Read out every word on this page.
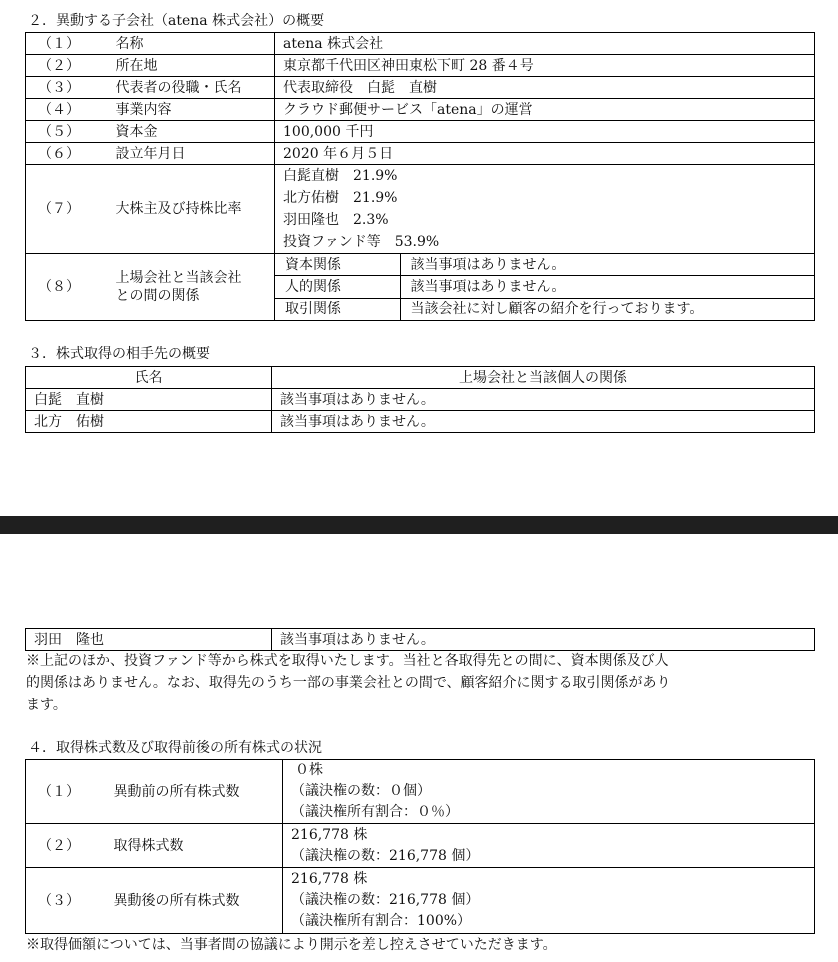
２．異動する子会社（atena 株式会社）の概要
（１）	名称	atena 株式会社
（２）	所在地	東京都千代田区神田東松下町 28 番４号
（３）	代表者の役職・氏名	代表取締役　白髭　直樹
（４）	事業内容	クラウド郵便サービス「atena」の運営
（５）	資本金	100,000 千円
（６）	設立年月日	2020 年６月５日
（７）	大株主及び持株比率	
白髭直樹　21.9%
北方佑樹　21.9%
羽田隆也　2.3%
投資ファンド等　53.9%

（８）	
上場会社と当該会社
との間の関係

資本関係	該当事項はありません。
人的関係	該当事項はありません。
取引関係	当該会社に対し顧客の紹介を行っております。
３．株式取得の相手先の概要
氏名	上場会社と当該個人の関係
白髭　直樹	該当事項はありません。
北方　佑樹	該当事項はありません。
羽田　隆也	該当事項はありません。

※上記のほか、投資ファンド等から株式を取得いたします。当社と各取得先との間に、資本関係及び人

的関係はありません。なお、取得先のうち一部の事業会社との間で、顧客紹介に関する取引関係があり

ます。

４．取得株式数及び取得前後の所有株式の状況
（１）	異動前の所有株式数	０株
（議決権の数：０個）
（議決権所有割合：０％）

（２）	取得株式数	216,778 株
（議決権の数：216,778 個）

（３）	異動後の所有株式数	216,778 株
（議決権の数：216,778 個）
（議決権所有割合：100%）
※取得価額については、当事者間の協議により開示を差し控えさせていただきます。
